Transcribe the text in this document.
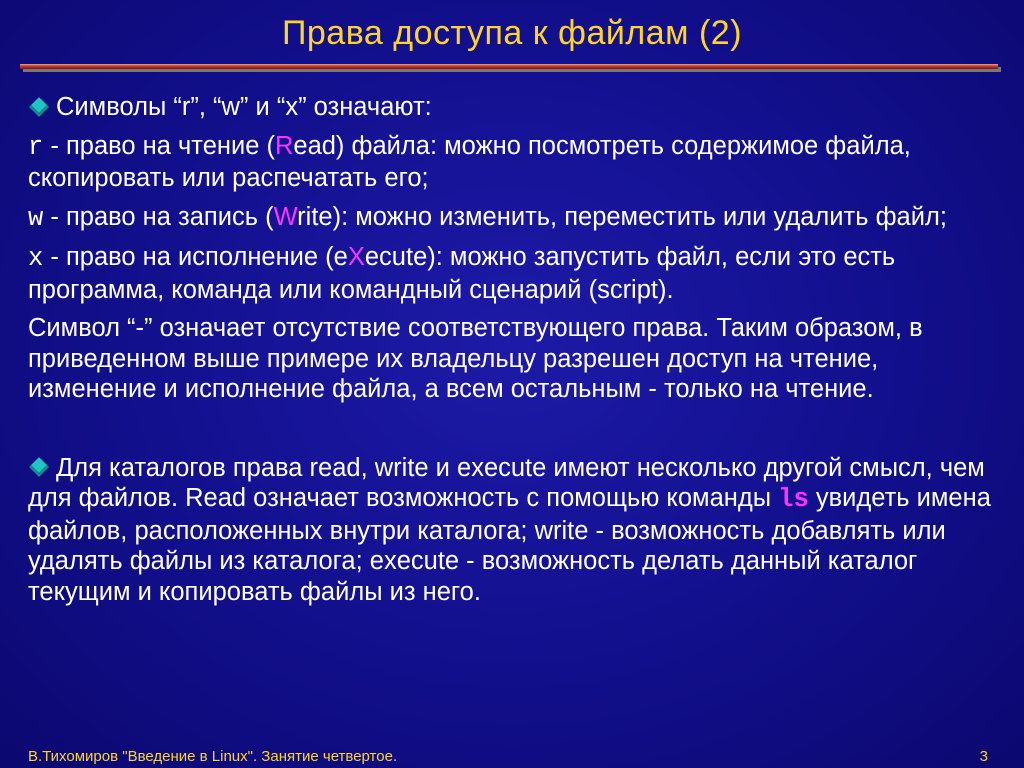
Права доступа к файлам (2)
Символы “r”, “w” и “x” означают:
r - право на чтение (Read) файла: можно посмотреть содержимое файла, скопировать или распечатать его;
w - право на запись (Write): можно изменить, переместить или удалить файл;
x - право на исполнение (eXecute): можно запустить файл, если это есть программа, команда или командный сценарий (script).
Символ “-” означает отсутствие соответствующего права. Таким образом, в приведенном выше примере их владельцу разрешен доступ на чтение, изменение и исполнение файла, а всем остальным - только на чтение.
Для каталогов права read, write и execute имеют несколько другой смысл, чем для файлов. Read означает возможность с помощью команды ls увидеть имена файлов, расположенных внутри каталога; write - возможность добавлять или удалять файлы из каталога; execute - возможность делать данный каталог текущим и копировать файлы из него.
В.Тихомиров "Введение в Linux". Занятие четвертое.	3
